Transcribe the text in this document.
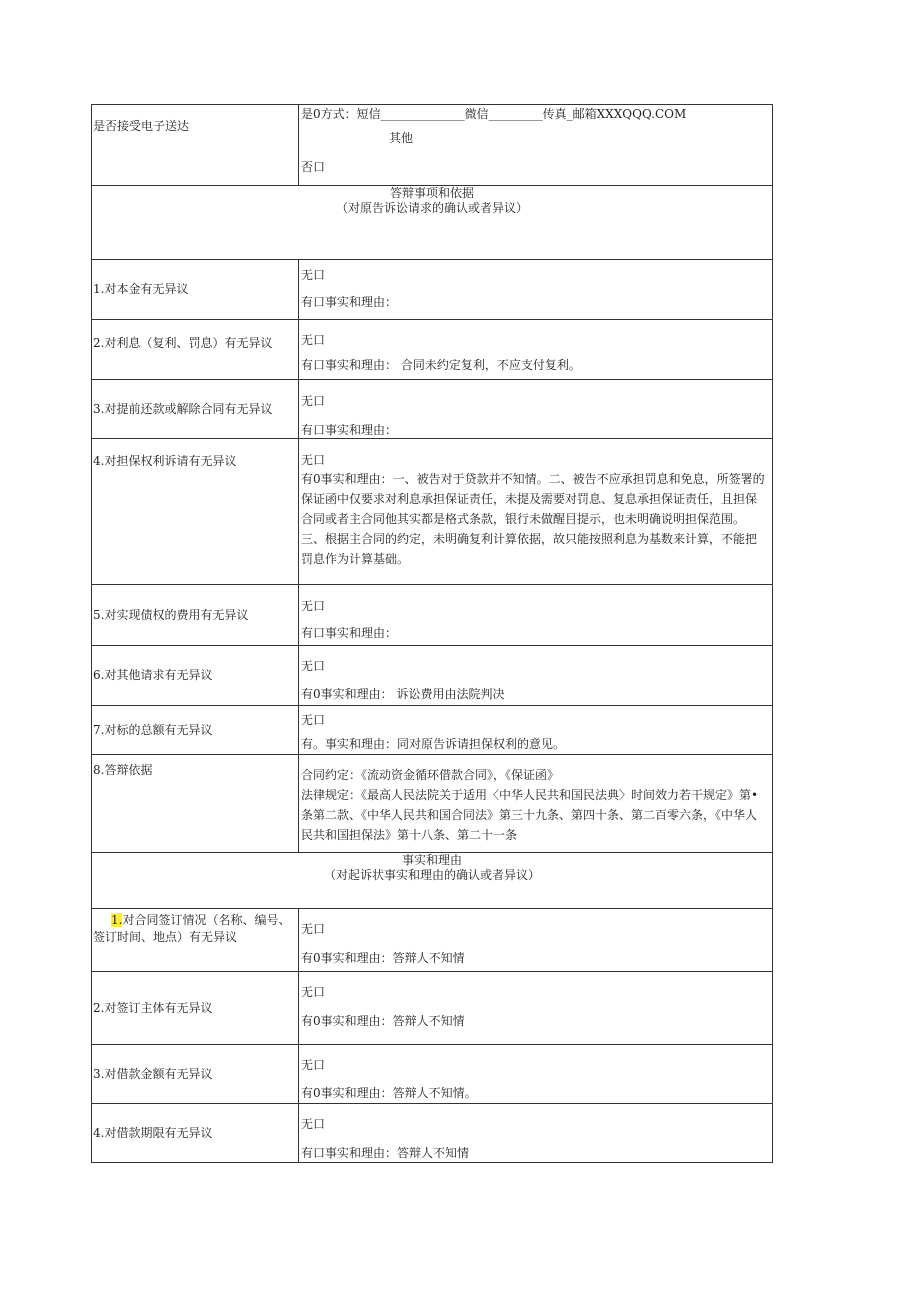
是否接受电子送达	是0方式：短信______________微信_________传真_邮箱XXXQQQ.COM
其他
否口

答辩事项和依据
（对原告诉讼请求的确认或者异议）	

1.对本金有无异议	无口
有口事实和理由：

2.对利息（复利、罚息）有无异议	无口
有口事实和理由： 合同未约定复利，不应支付复利。

3.对提前还款或解除合同有无异议	无口
有口事实和理由：

4.对担保权利诉请有无异议	无口
有0事实和理由：一、被告对于贷款并不知情。二、被告不应承担罚息和免息，所签署的保证函中仅要求对利息承担保证责任，未提及需要对罚息、复息承担保证责任，且担保合同或者主合同他其实都是格式条款，银行未做醒目提示，也未明确说明担保范围。三、根据主合同的约定，未明确复利计算依据，故只能按照利息为基数来计算，不能把罚息作为计算基础。

5.对实现债权的费用有无异议	无口
有口事实和理由：

6.对其他请求有无异议	无口
有0事实和理由： 诉讼费用由法院判决

7.对标的总额有无异议	无口
有。事实和理由：同对原告诉请担保权利的意见。

8.答辩依据	合同约定：《流动资金循环借款合同》，《保证函》
法律规定：《最高人民法院关于适用〈中华人民共和国民法典〉时间效力若干规定》第•条第二款、《中华人民共和国合同法》第三十九条、第四十条、第二百零六条，《中华人民共和国担保法》第十八条、第二十一条

事实和理由
（对起诉状事实和理由的确认或者异议）	

1.对合同签订情况（名称、编号、
签订时间、地点）有无异议	无口
有0事实和理由：答辩人不知情

2.对签订主体有无异议	无口
有0事实和理由：答辩人不知情

3.对借款金额有无异议	无口
有0事实和理由：答辩人不知情。

4.对借款期限有无异议	无口
有口事实和理由：答辩人不知情
